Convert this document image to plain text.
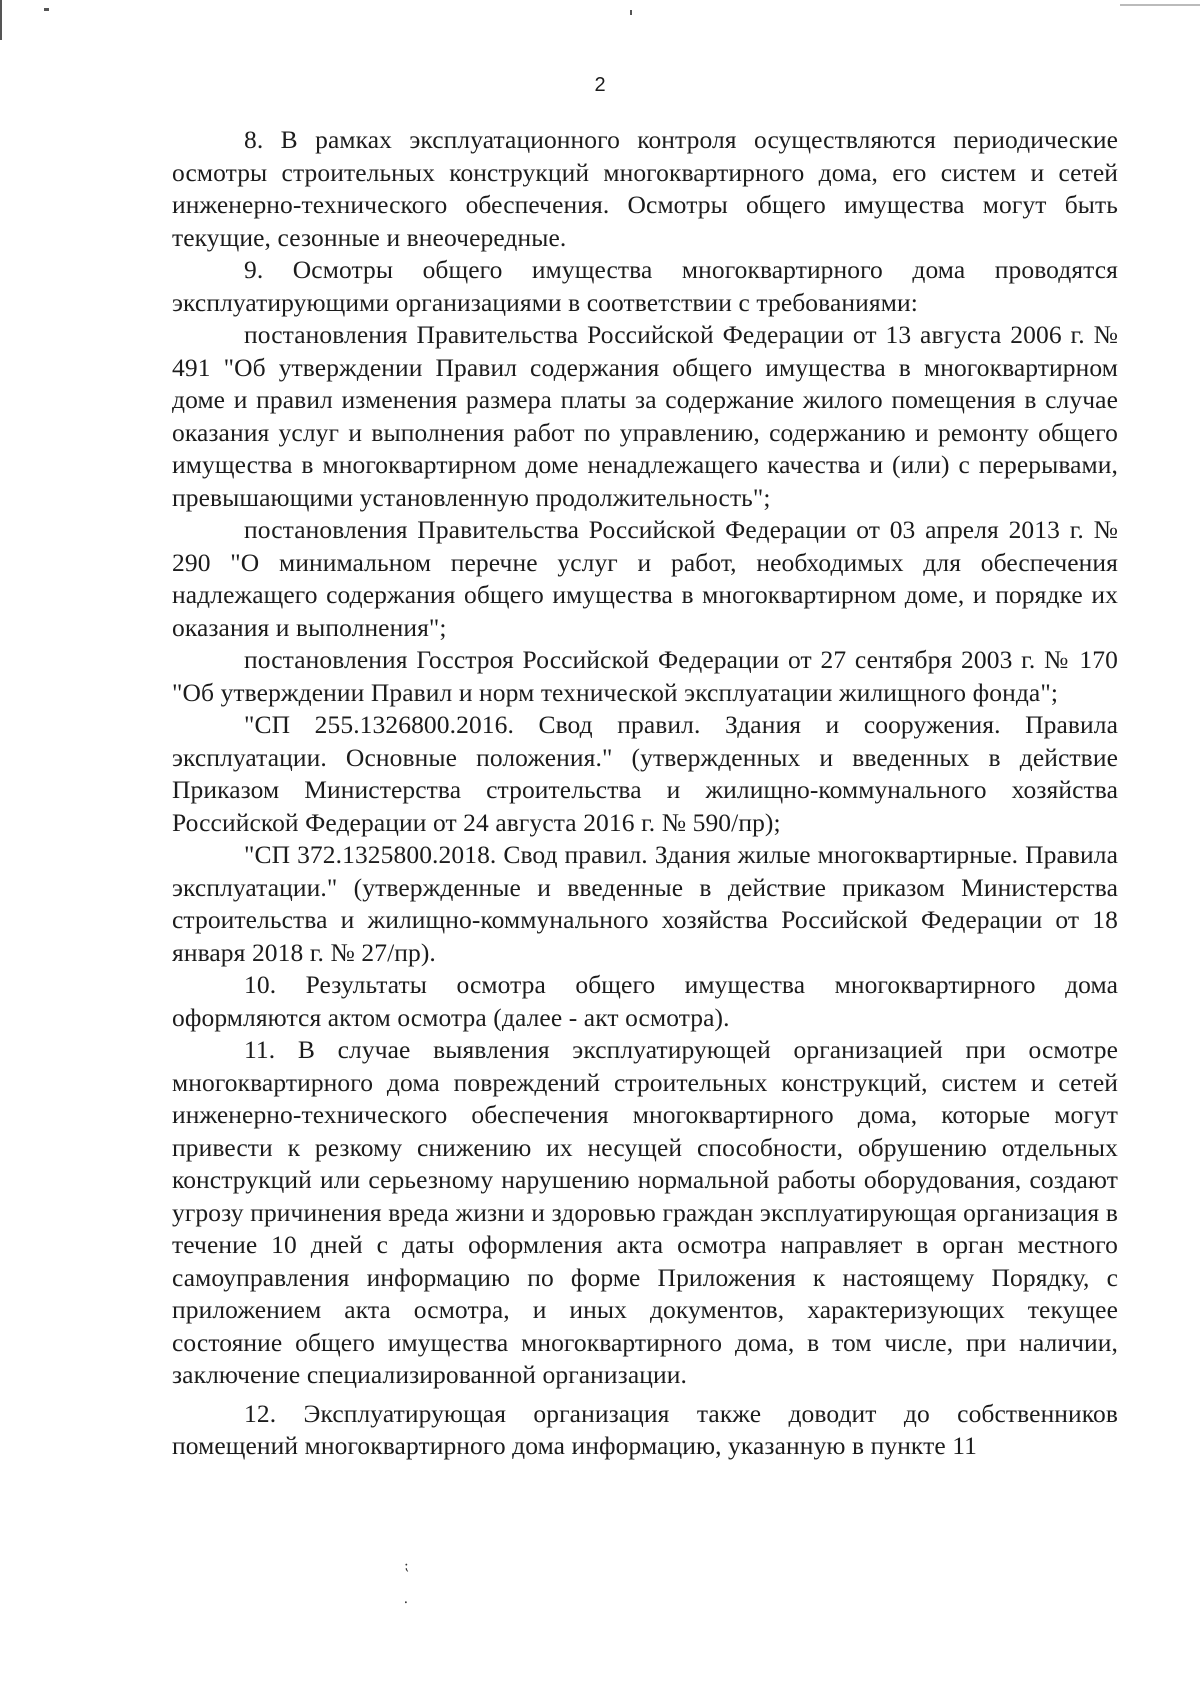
2

8. В рамках эксплуатационного контроля осуществляются периодические осмотры строительных конструкций многоквартирного дома, его систем и сетей инженерно-технического обеспечения. Осмотры общего имущества могут быть текущие, сезонные и внеочередные.

9. Осмотры общего имущества многоквартирного дома проводятся эксплуатирующими организациями в соответствии с требованиями:

постановления Правительства Российской Федерации от 13 августа 2006 г. № 491 "Об утверждении Правил содержания общего имущества в многоквартирном доме и правил изменения размера платы за содержание жилого помещения в случае оказания услуг и выполнения работ по управлению, содержанию и ремонту общего имущества в многоквартирном доме ненадлежащего качества и (или) с перерывами, превышающими установленную продолжительность";

постановления Правительства Российской Федерации от 03 апреля 2013 г. № 290 "О минимальном перечне услуг и работ, необходимых для обеспечения надлежащего содержания общего имущества в многоквартирном доме, и порядке их оказания и выполнения";

постановления Госстроя Российской Федерации от 27 сентября 2003 г. № 170 "Об утверждении Правил и норм технической эксплуатации жилищного фонда";

"СП 255.1326800.2016. Свод правил. Здания и сооружения. Правила эксплуатации. Основные положения." (утвержденных и введенных в действие Приказом Министерства строительства и жилищно-коммунального хозяйства Российской Федерации от 24 августа 2016 г. № 590/пр);

"СП 372.1325800.2018. Свод правил. Здания жилые многоквартирные. Правила эксплуатации." (утвержденные и введенные в действие приказом Министерства строительства и жилищно-коммунального хозяйства Российской Федерации от 18 января 2018 г. № 27/пр).

10. Результаты осмотра общего имущества многоквартирного дома оформляются актом осмотра (далее - акт осмотра).

11. В случае выявления эксплуатирующей организацией при осмотре многоквартирного дома повреждений строительных конструкций, систем и сетей инженерно-технического обеспечения многоквартирного дома, которые могут привести к резкому снижению их несущей способности, обрушению отдельных конструкций или серьезному нарушению нормальной работы оборудования, создают угрозу причинения вреда жизни и здоровью граждан эксплуатирующая организация в течение 10 дней с даты оформления акта осмотра направляет в орган местного самоуправления информацию по форме Приложения к настоящему Порядку, с приложением акта осмотра, и иных документов, характеризующих текущее состояние общего имущества многоквартирного дома, в том числе, при наличии, заключение специализированной организации.

12. Эксплуатирующая организация также доводит до собственников помещений многоквартирного дома информацию, указанную в пункте 11

⁏
⸱
